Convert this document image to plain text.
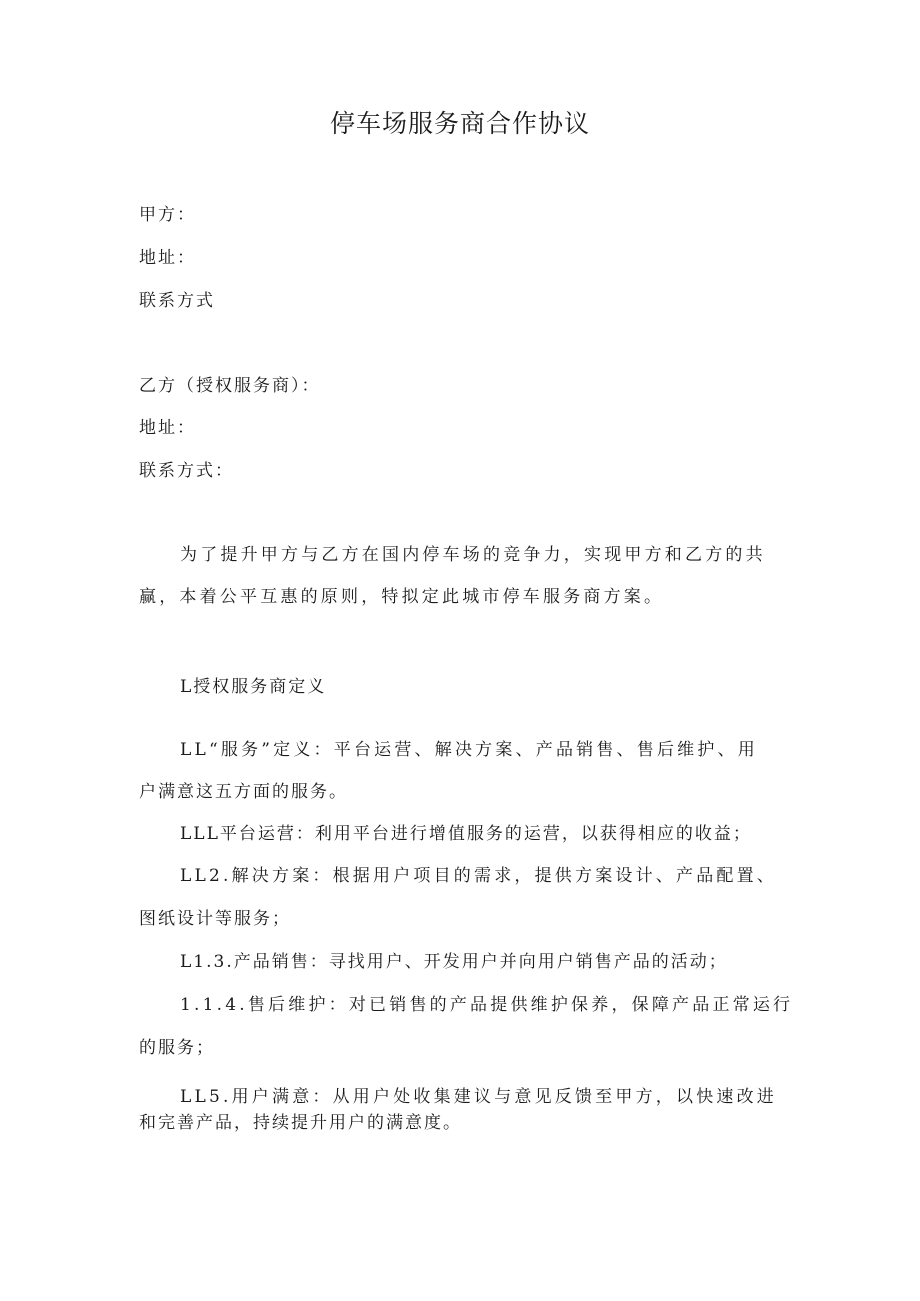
停车场服务商合作协议

甲方：

地址：

联系方式

乙方（授权服务商）：

地址：

联系方式：

为了提升甲方与乙方在国内停车场的竞争力，实现甲方和乙方的共

赢，本着公平互惠的原则，特拟定此城市停车服务商方案。

L授权服务商定义

LL“服务”定义：平台运营、解决方案、产品销售、售后维护、用

户满意这五方面的服务。

LLL平台运营：利用平台进行增值服务的运营，以获得相应的收益；

LL2.解决方案：根据用户项目的需求，提供方案设计、产品配置、

图纸设计等服务；

L1.3.产品销售：寻找用户、开发用户并向用户销售产品的活动；

1.1.4.售后维护：对已销售的产品提供维护保养，保障产品正常运行

的服务；

LL5.用户满意：从用户处收集建议与意见反馈至甲方，以快速改进

和完善产品，持续提升用户的满意度。
